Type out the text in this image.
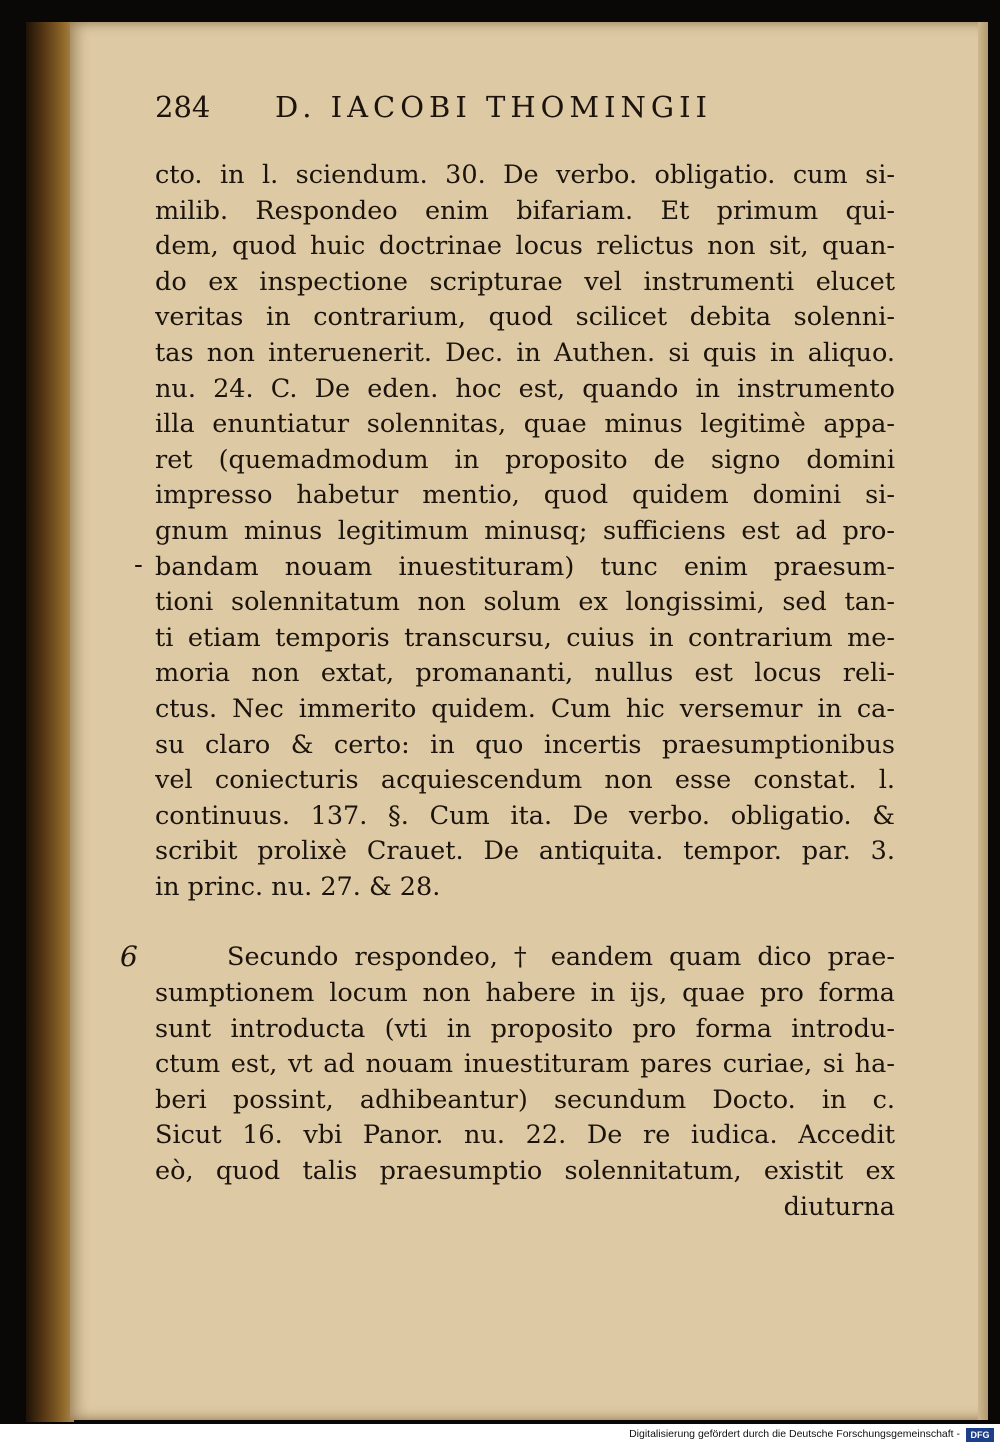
284 D. IACOBI THOMINGII
-
6
cto. in l. sciendum. 30. De verbo. obligatio. cum si-
milib. Respondeo enim bifariam. Et primum qui-
dem, quod huic doctrinae locus relictus non sit, quan-
do ex inspectione scripturae vel instrumenti elucet
veritas in contrarium, quod scilicet debita solenni-
tas non interuenerit. Dec. in Authen. si quis in aliquo.
nu. 24. C. De eden. hoc est, quando in instrumento
illa enuntiatur solennitas, quae minus legitimè appa-
ret (quemadmodum in proposito de signo domini
impresso habetur mentio, quod quidem domini si-
gnum minus legitimum minusq; sufficiens est ad pro-
bandam nouam inuestituram) tunc enim praesum-
tioni solennitatum non solum ex longissimi, sed tan-
ti etiam temporis transcursu, cuius in contrarium me-
moria non extat, promananti, nullus est locus reli-
ctus. Nec immerito quidem. Cum hic versemur in ca-
su claro & certo: in quo incertis praesumptionibus
vel coniecturis acquiescendum non esse constat. l.
continuus. 137. §. Cum ita. De verbo. obligatio. &
scribit prolixè Crauet. De antiquita. tempor. par. 3.
in princ. nu. 27. & 28.
Secundo respondeo, † eandem quam dico prae-
sumptionem locum non habere in ijs, quae pro forma
sunt introducta (vti in proposito pro forma introdu-
ctum est, vt ad nouam inuestituram pares curiae, si ha-
beri possint, adhibeantur) secundum Docto. in c.
Sicut 16. vbi Panor. nu. 22. De re iudica. Accedit
eò, quod talis praesumptio solennitatum, existit ex
diuturna
Digitalisierung gefördert durch die Deutsche Forschungsgemeinschaft -	DFG
